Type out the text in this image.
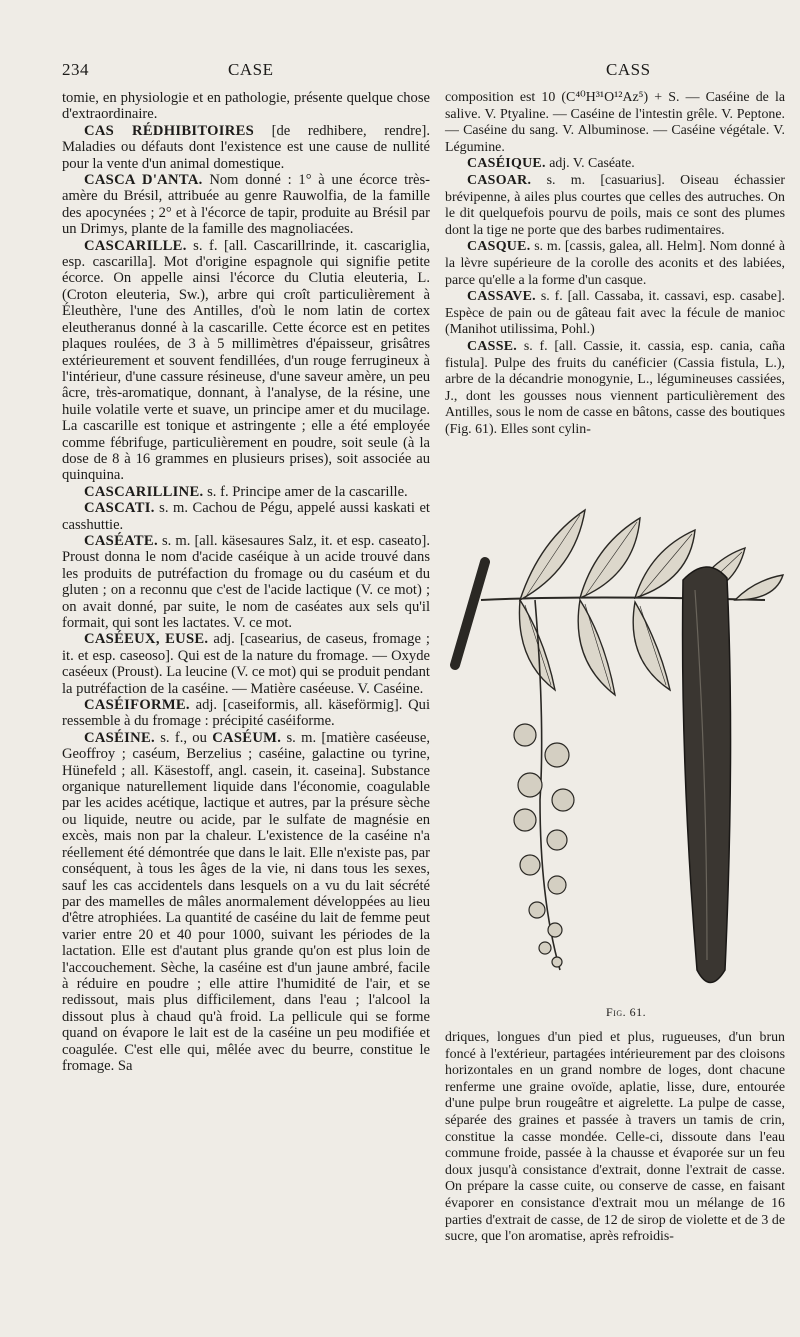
234	CASE	CASS

tomie, en physiologie et en pathologie, présente quelque chose d'extraordinaire.

CAS RÉDHIBITOIRES [de redhibere, rendre]. Maladies ou défauts dont l'existence est une cause de nullité pour la vente d'un animal domestique.

CASCA D'ANTA. Nom donné : 1° à une écorce très-amère du Brésil, attribuée au genre Rauwolfia, de la famille des apocynées ; 2° et à l'écorce de tapir, produite au Brésil par un Drimys, plante de la famille des magnoliacées.

CASCARILLE. s. f. [all. Cascarillrinde, it. cascariglia, esp. cascarilla]. Mot d'origine espagnole qui signifie petite écorce. On appelle ainsi l'écorce du Clutia eleuteria, L. (Croton eleuteria, Sw.), arbre qui croît particulièrement à Éleuthère, l'une des Antilles, d'où le nom latin de cortex eleutheranus donné à la cascarille. Cette écorce est en petites plaques roulées, de 3 à 5 millimètres d'épaisseur, grisâtres extérieurement et souvent fendillées, d'un rouge ferrugineux à l'intérieur, d'une cassure résineuse, d'une saveur amère, un peu âcre, très-aromatique, donnant, à l'analyse, de la résine, une huile volatile verte et suave, un principe amer et du mucilage. La cascarille est tonique et astringente ; elle a été employée comme fébrifuge, particulièrement en poudre, soit seule (à la dose de 8 à 16 grammes en plusieurs prises), soit associée au quinquina.

CASCARILLINE. s. f. Principe amer de la cascarille.

CASCATI. s. m. Cachou de Pégu, appelé aussi kaskati et casshuttie.

CASÉATE. s. m. [all. käsesaures Salz, it. et esp. caseato]. Proust donna le nom d'acide caséique à un acide trouvé dans les produits de putréfaction du fromage ou du caséum et du gluten ; on a reconnu que c'est de l'acide lactique (V. ce mot) ; on avait donné, par suite, le nom de caséates aux sels qu'il formait, qui sont les lactates. V. ce mot.

CASÉEUX, EUSE. adj. [casearius, de caseus, fromage ; it. et esp. caseoso]. Qui est de la nature du fromage. — Oxyde caséeux (Proust). La leucine (V. ce mot) qui se produit pendant la putréfaction de la caséine. — Matière caséeuse. V. Caséine.

CASÉIFORME. adj. [caseiformis, all. käseförmig]. Qui ressemble à du fromage : précipité caséiforme.

CASÉINE. s. f., ou CASÉUM. s. m. [matière caséeuse, Geoffroy ; caséum, Berzelius ; caséine, galactine ou tyrine, Hünefeld ; all. Käsestoff, angl. casein, it. caseina]. Substance organique naturellement liquide dans l'économie, coagulable par les acides acétique, lactique et autres, par la présure sèche ou liquide, neutre ou acide, par le sulfate de magnésie en excès, mais non par la chaleur. L'existence de la caséine n'a réellement été démontrée que dans le lait. Elle n'existe pas, par conséquent, à tous les âges de la vie, ni dans tous les sexes, sauf les cas accidentels dans lesquels on a vu du lait sécrété par des mamelles de mâles anormalement développées au lieu d'être atrophiées. La quantité de caséine du lait de femme peut varier entre 20 et 40 pour 1000, suivant les périodes de la lactation. Elle est d'autant plus grande qu'on est plus loin de l'accouchement. Sèche, la caséine est d'un jaune ambré, facile à réduire en poudre ; elle attire l'humidité de l'air, et se redissout, mais plus difficilement, dans l'eau ; l'alcool la dissout plus à chaud qu'à froid. La pellicule qui se forme quand on évapore le lait est de la caséine un peu modifiée et coagulée. C'est elle qui, mêlée avec du beurre, constitue le fromage. Sa

composition est 10 (C⁴⁰H³¹O¹²Az⁵) + S. — Caséine de la salive. V. Ptyaline. — Caséine de l'intestin grêle. V. Peptone. — Caséine du sang. V. Albuminose. — Caséine végétale. V. Légumine.

CASÉIQUE. adj. V. Caséate.

CASOAR. s. m. [casuarius]. Oiseau échassier brévipenne, à ailes plus courtes que celles des autruches. On le dit quelquefois pourvu de poils, mais ce sont des plumes dont la tige ne porte que des barbes rudimentaires.

CASQUE. s. m. [cassis, galea, all. Helm]. Nom donné à la lèvre supérieure de la corolle des aconits et des labiées, parce qu'elle a la forme d'un casque.

CASSAVE. s. f. [all. Cassaba, it. cassavi, esp. casabe]. Espèce de pain ou de gâteau fait avec la fécule de manioc (Manihot utilissima, Pohl.)

CASSE. s. f. [all. Cassie, it. cassia, esp. cania, caña fistula]. Pulpe des fruits du canéficier (Cassia fistula, L.), arbre de la décandrie monogynie, L., légumineuses cassiées, J., dont les gousses nous viennent particulièrement des Antilles, sous le nom de casse en bâtons, casse des boutiques (Fig. 61). Elles sont cylin-

Fig. 61.

driques, longues d'un pied et plus, rugueuses, d'un brun foncé à l'extérieur, partagées intérieurement par des cloisons horizontales en un grand nombre de loges, dont chacune renferme une graine ovoïde, aplatie, lisse, dure, entourée d'une pulpe brun rougeâtre et aigrelette. La pulpe de casse, séparée des graines et passée à travers un tamis de crin, constitue la casse mondée. Celle-ci, dissoute dans l'eau commune froide, passée à la chausse et évaporée sur un feu doux jusqu'à consistance d'extrait, donne l'extrait de casse. On prépare la casse cuite, ou conserve de casse, en faisant évaporer en consistance d'extrait mou un mélange de 16 parties d'extrait de casse, de 12 de sirop de violette et de 3 de sucre, que l'on aromatise, après refroidis-
